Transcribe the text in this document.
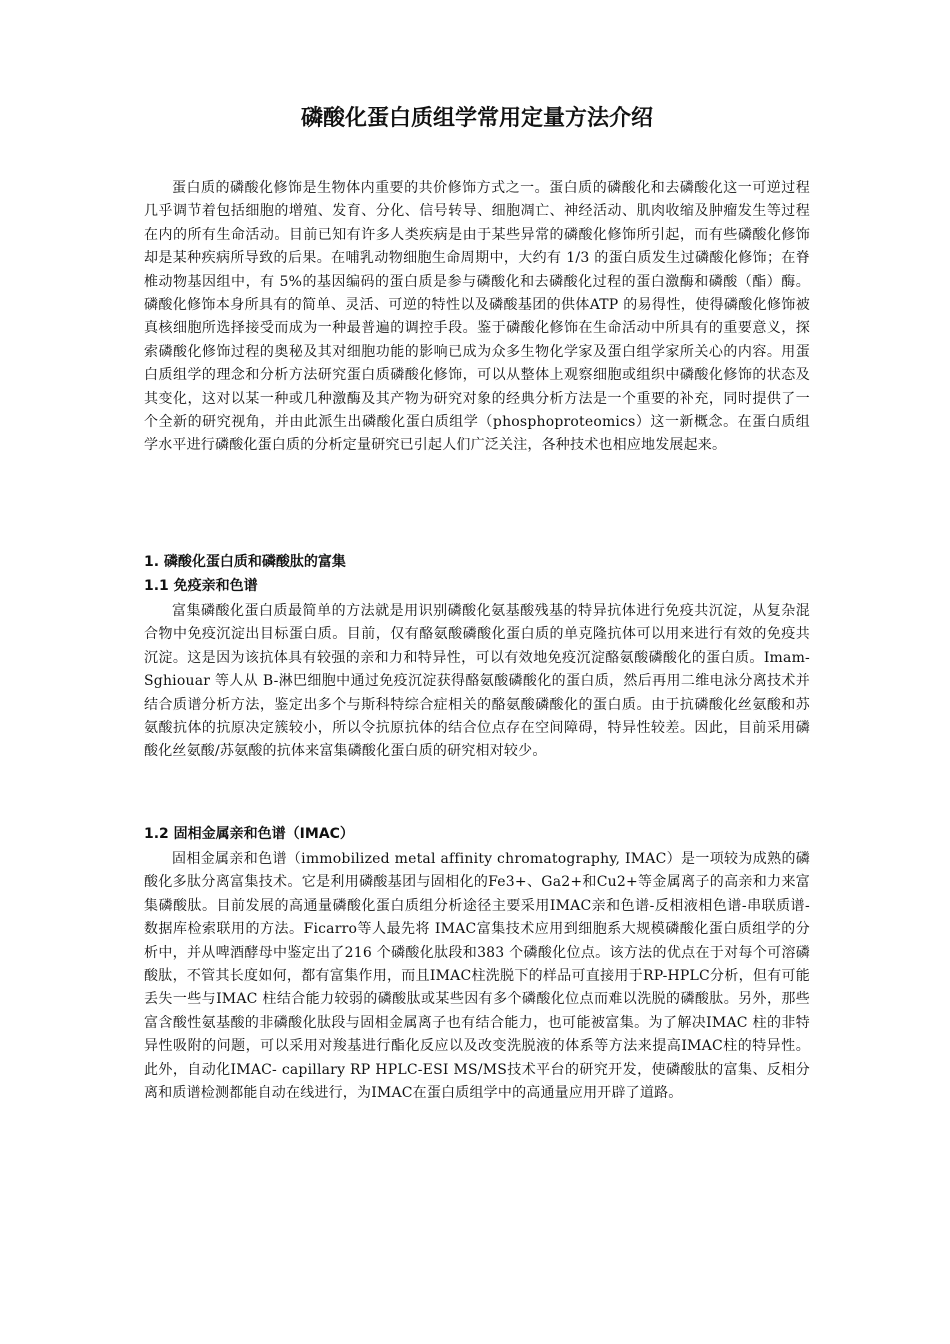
磷酸化蛋白质组学常用定量方法介绍

蛋白质的磷酸化修饰是生物体内重要的共价修饰方式之一。蛋白质的磷酸化和去磷酸化这一可逆过程几乎调节着包括细胞的增殖、发育、分化、信号转导、细胞凋亡、神经活动、肌肉收缩及肿瘤发生等过程在内的所有生命活动。目前已知有许多人类疾病是由于某些异常的磷酸化修饰所引起，而有些磷酸化修饰却是某种疾病所导致的后果。在哺乳动物细胞生命周期中，大约有 1/3 的蛋白质发生过磷酸化修饰；在脊椎动物基因组中，有 5%的基因编码的蛋白质是参与磷酸化和去磷酸化过程的蛋白激酶和磷酸（酯）酶。磷酸化修饰本身所具有的简单、灵活、可逆的特性以及磷酸基团的供体ATP 的易得性，使得磷酸化修饰被真核细胞所选择接受而成为一种最普遍的调控手段。鉴于磷酸化修饰在生命活动中所具有的重要意义，探索磷酸化修饰过程的奥秘及其对细胞功能的影响已成为众多生物化学家及蛋白组学家所关心的内容。用蛋白质组学的理念和分析方法研究蛋白质磷酸化修饰，可以从整体上观察细胞或组织中磷酸化修饰的状态及其变化，这对以某一种或几种激酶及其产物为研究对象的经典分析方法是一个重要的补充，同时提供了一个全新的研究视角，并由此派生出磷酸化蛋白质组学（phosphoproteomics）这一新概念。在蛋白质组学水平进行磷酸化蛋白质的分析定量研究已引起人们广泛关注，各种技术也相应地发展起来。

1. 磷酸化蛋白质和磷酸肽的富集
1.1 免疫亲和色谱

富集磷酸化蛋白质最简单的方法就是用识别磷酸化氨基酸残基的特异抗体进行免疫共沉淀，从复杂混合物中免疫沉淀出目标蛋白质。目前，仅有酪氨酸磷酸化蛋白质的单克隆抗体可以用来进行有效的免疫共沉淀。这是因为该抗体具有较强的亲和力和特异性，可以有效地免疫沉淀酪氨酸磷酸化的蛋白质。Imam-Sghiouar 等人从 B-淋巴细胞中通过免疫沉淀获得酪氨酸磷酸化的蛋白质，然后再用二维电泳分离技术并结合质谱分析方法，鉴定出多个与斯科特综合症相关的酪氨酸磷酸化的蛋白质。由于抗磷酸化丝氨酸和苏氨酸抗体的抗原决定簇较小，所以令抗原抗体的结合位点存在空间障碍，特异性较差。因此，目前采用磷酸化丝氨酸/苏氨酸的抗体来富集磷酸化蛋白质的研究相对较少。

1.2 固相金属亲和色谱（IMAC）

固相金属亲和色谱（immobilized metal affinity chromatography, IMAC）是一项较为成熟的磷酸化多肽分离富集技术。它是利用磷酸基团与固相化的Fe3+、Ga2+和Cu2+等金属离子的高亲和力来富集磷酸肽。目前发展的高通量磷酸化蛋白质组分析途径主要采用IMAC亲和色谱-反相液相色谱-串联质谱-数据库检索联用的方法。Ficarro等人最先将 IMAC富集技术应用到细胞系大规模磷酸化蛋白质组学的分析中，并从啤酒酵母中鉴定出了216 个磷酸化肽段和383 个磷酸化位点。该方法的优点在于对每个可溶磷酸肽，不管其长度如何，都有富集作用，而且IMAC柱洗脱下的样品可直接用于RP-HPLC分析，但有可能丢失一些与IMAC 柱结合能力较弱的磷酸肽或某些因有多个磷酸化位点而难以洗脱的磷酸肽。另外，那些富含酸性氨基酸的非磷酸化肽段与固相金属离子也有结合能力，也可能被富集。为了解决IMAC 柱的非特异性吸附的问题，可以采用对羧基进行酯化反应以及改变洗脱液的体系等方法来提高IMAC柱的特异性。此外，自动化IMAC- capillary RP HPLC-ESI MS/MS技术平台的研究开发，使磷酸肽的富集、反相分离和质谱检测都能自动在线进行，为IMAC在蛋白质组学中的高通量应用开辟了道路。
